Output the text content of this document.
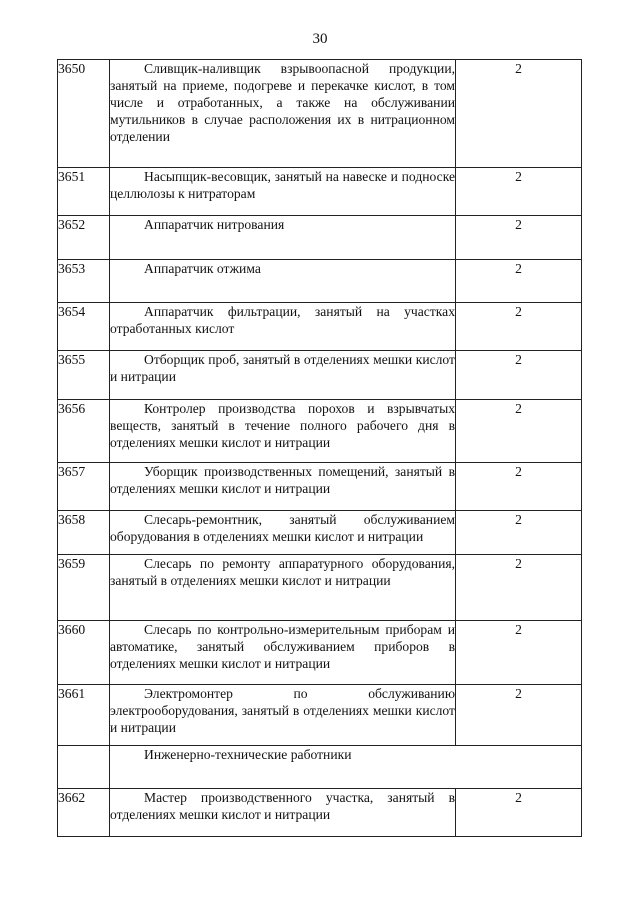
30
3650	Сливщик-наливщик взрывоопасной продукции, занятый на приеме, подогреве и перекачке кислот, в том числе и отработанных, а также на обслуживании мутильников в случае расположения их в нитрационном отделении	2
3651	Насыпщик-весовщик, занятый на навеске и подноске целлюлозы к нитраторам	2
3652	Аппаратчик нитрования	2
3653	Аппаратчик отжима	2
3654	Аппаратчик фильтрации, занятый на участках отработанных кислот	2
3655	Отборщик проб, занятый в отделениях мешки кислот и нитрации	2
3656	Контролер производства порохов и взрывчатых веществ, занятый в течение полного рабочего дня в отделениях мешки кислот и нитрации	2
3657	Уборщик производственных помещений, занятый в отделениях мешки кислот и нитрации	2
3658	Слесарь-ремонтник, занятый обслуживанием оборудования в отделениях мешки кислот и нитрации	2
3659	Слесарь по ремонту аппаратурного оборудования, занятый в отделениях мешки кислот и нитрации	2
3660	Слесарь по контрольно-измерительным приборам и автоматике, занятый обслуживанием приборов в отделениях мешки кислот и нитрации	2
3661	Электромонтер по обслуживанию электрооборудования, занятый в отделениях мешки кислот и нитрации	2
	Инженерно-технические работники	
3662	Мастер производственного участка, занятый в отделениях мешки кислот и нитрации	2
